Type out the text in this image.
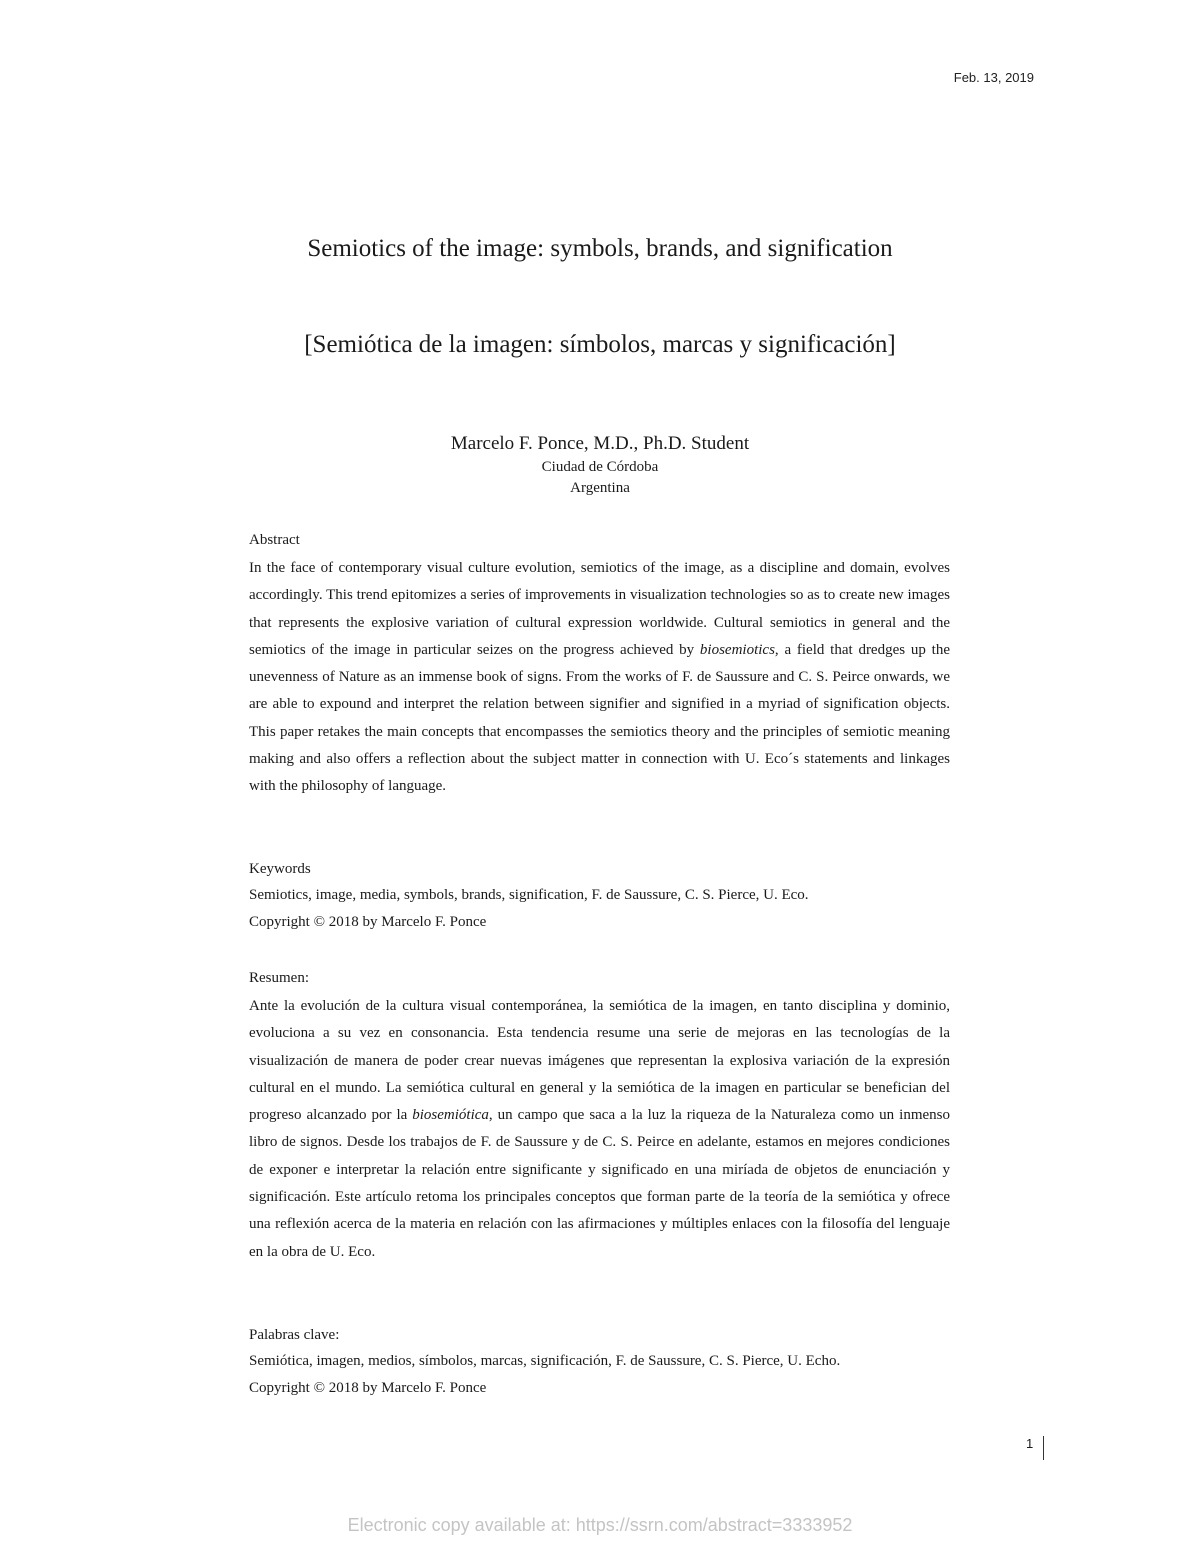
Feb. 13, 2019
Semiotics of the image: symbols, brands, and signification
[Semiótica de la imagen: símbolos, marcas y significación]
Marcelo F. Ponce, M.D., Ph.D. Student
Ciudad de Córdoba
Argentina
Abstract

In the face of contemporary visual culture evolution, semiotics of the image, as a discipline and domain, evolves accordingly. This trend epitomizes a series of improvements in visualization technologies so as to create new images that represents the explosive variation of cultural expression worldwide. Cultural semiotics in general and the semiotics of the image in particular seizes on the progress achieved by biosemiotics, a field that dredges up the unevenness of Nature as an immense book of signs. From the works of F. de Saussure and C. S. Peirce onwards, we are able to expound and interpret the relation between signifier and signified in a myriad of signification objects. This paper retakes the main concepts that encompasses the semiotics theory and the principles of semiotic meaning making and also offers a reflection about the subject matter in connection with U. Eco´s statements and linkages with the philosophy of language.

Keywords

Semiotics, image, media, symbols, brands, signification, F. de Saussure, C. S. Pierce, U. Eco.

Copyright © 2018 by Marcelo F. Ponce

Resumen:

Ante la evolución de la cultura visual contemporánea, la semiótica de la imagen, en tanto disciplina y dominio, evoluciona a su vez en consonancia. Esta tendencia resume una serie de mejoras en las tecnologías de la visualización de manera de poder crear nuevas imágenes que representan la explosiva variación de la expresión cultural en el mundo. La semiótica cultural en general y la semiótica de la imagen en particular se benefician del progreso alcanzado por la biosemiótica, un campo que saca a la luz la riqueza de la Naturaleza como un inmenso libro de signos. Desde los trabajos de F. de Saussure y de C. S. Peirce en adelante, estamos en mejores condiciones de exponer e interpretar la relación entre significante y significado en una miríada de objetos de enunciación y significación. Este artículo retoma los principales conceptos que forman parte de la teoría de la semiótica y ofrece una reflexión acerca de la materia en relación con las afirmaciones y múltiples enlaces con la filosofía del lenguaje en la obra de U. Eco.

Palabras clave:

Semiótica, imagen, medios, símbolos, marcas, significación, F. de Saussure, C. S. Pierce, U. Echo.

Copyright © 2018 by Marcelo F. Ponce

1
Electronic copy available at: https://ssrn.com/abstract=3333952
